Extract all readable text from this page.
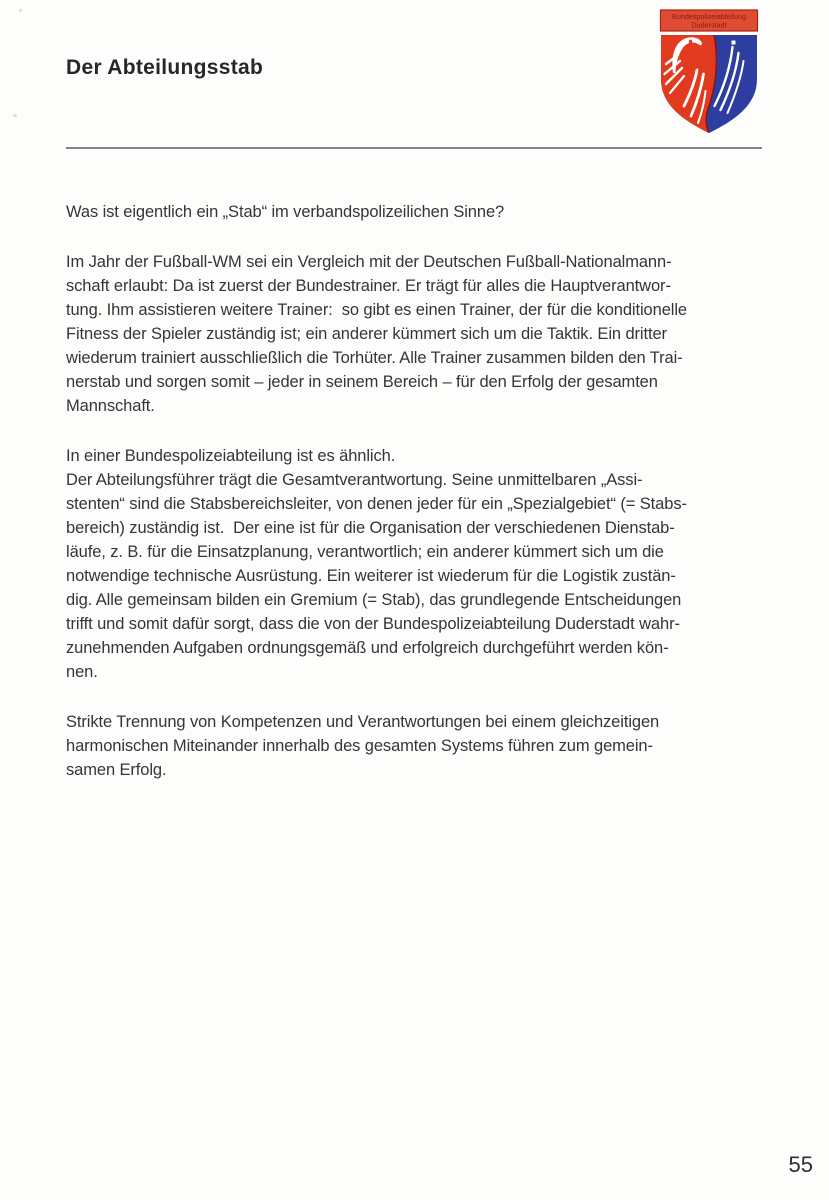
Der Abteilungsstab
Bundespolizeiabteilung
Duderstadt
Was ist eigentlich ein „Stab“ im verbandspolizeilichen Sinne?
Im Jahr der Fußball-WM sei ein Vergleich mit der Deutschen Fußball-Nationalmann-
schaft erlaubt: Da ist zuerst der Bundestrainer. Er trägt für alles die Hauptverantwor-
tung. Ihm assistieren weitere Trainer:  so gibt es einen Trainer, der für die konditionelle
Fitness der Spieler zuständig ist; ein anderer kümmert sich um die Taktik. Ein dritter
wiederum trainiert ausschließlich die Torhüter. Alle Trainer zusammen bilden den Trai-
nerstab und sorgen somit – jeder in seinem Bereich – für den Erfolg der gesamten
Mannschaft.
In einer Bundespolizeiabteilung ist es ähnlich.
Der Abteilungsführer trägt die Gesamtverantwortung. Seine unmittelbaren „Assi-
stenten“ sind die Stabsbereichsleiter, von denen jeder für ein „Spezialgebiet“ (= Stabs-
bereich) zuständig ist.  Der eine ist für die Organisation der verschiedenen Dienstab-
läufe, z. B. für die Einsatzplanung, verantwortlich; ein anderer kümmert sich um die
notwendige technische Ausrüstung. Ein weiterer ist wiederum für die Logistik zustän-
dig. Alle gemeinsam bilden ein Gremium (= Stab), das grundlegende Entscheidungen
trifft und somit dafür sorgt, dass die von der Bundespolizeiabteilung Duderstadt wahr-
zunehmenden Aufgaben ordnungsgemäß und erfolgreich durchgeführt werden kön-
nen.
Strikte Trennung von Kompetenzen und Verantwortungen bei einem gleichzeitigen
harmonischen Miteinander innerhalb des gesamten Systems führen zum gemein-
samen Erfolg.
55
